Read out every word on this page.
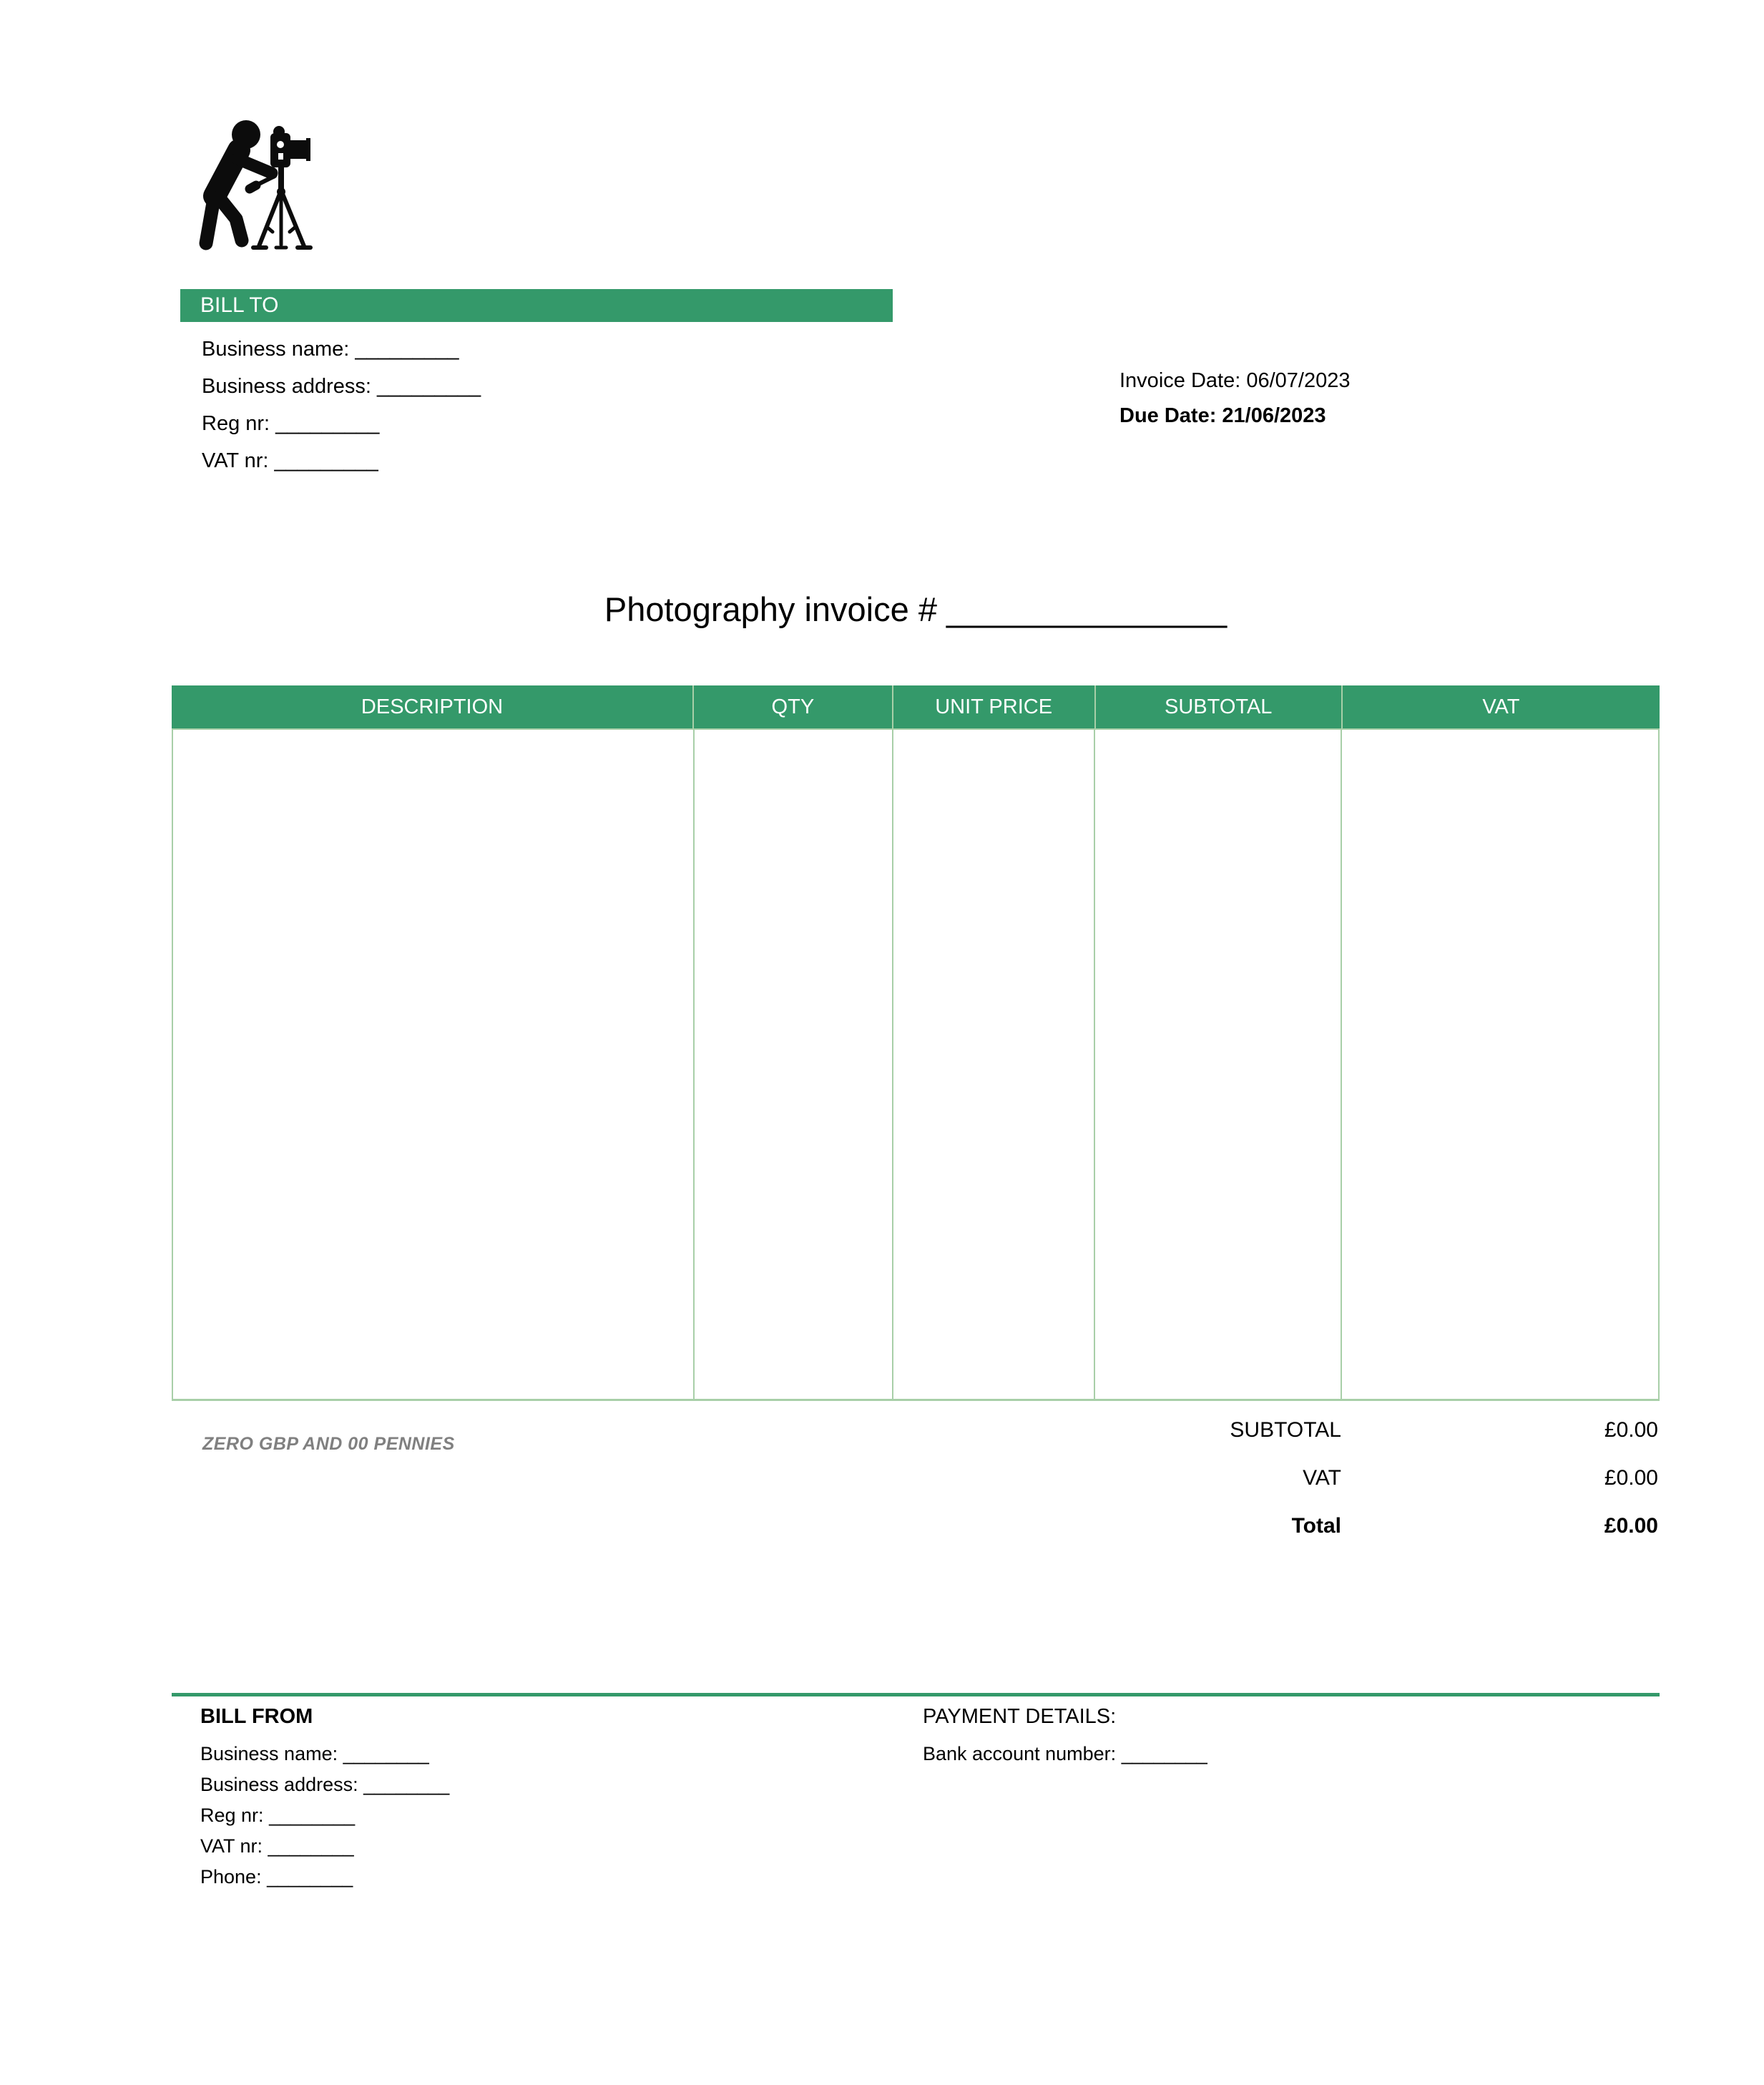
BILL TO
Business name:
_________
Business address:
_________
Reg nr:
_________
VAT nr:
_________
Invoice Date: 06/07/2023
Due Date: 21/06/2023
Photography invoice # _______________
DESCRIPTION	QTY	UNIT PRICE	SUBTOTAL	VAT
ZERO GBP AND 00 PENNIES
SUBTOTAL	£0.00
VAT	£0.00
Total	£0.00
BILL FROM
Business name: ________
Business address: ________
Reg nr: ________
VAT nr: ________
Phone: ________
PAYMENT DETAILS:
Bank account number: ________
